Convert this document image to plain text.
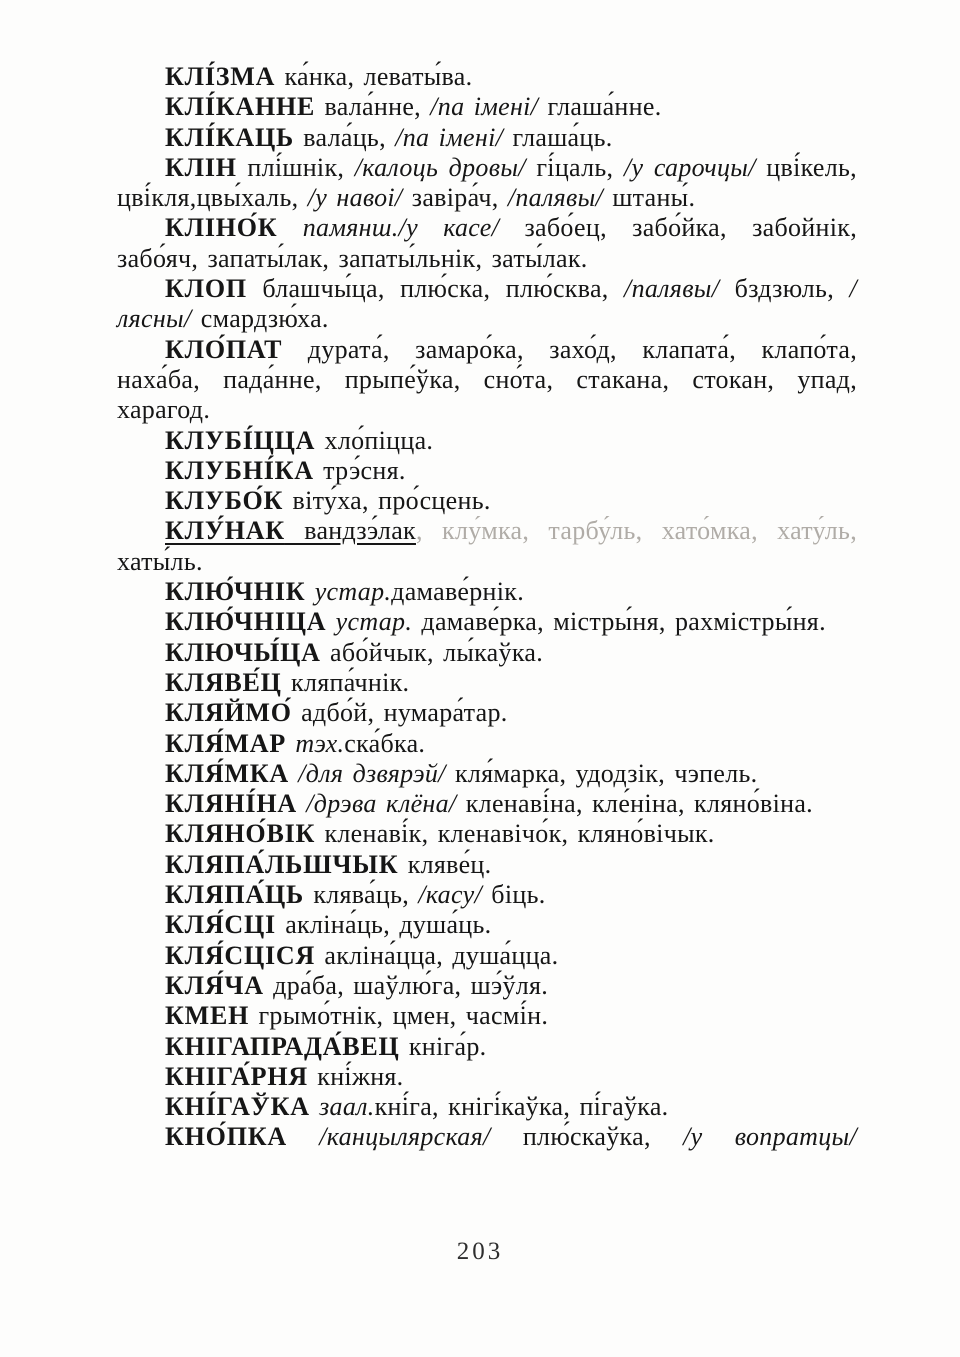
КЛІ́ЗМА ка́нка, леваты́ва.

КЛІ́КАННЕ вала́нне, /па імені/ глаша́нне.

КЛІ́КАЦЬ вала́ць, /па імені/ глаша́ць.

КЛІН плі́шнік, /калоць дровы/ гі́цаль, /у сарочцы/ цві́кель, цві́кля,цвы́халь, /у навоі/ завіра́ч, /палявы/ штаны́.

КЛІНО́К памянш./у касе/ забо́ец, забо́йка, забойнік, забо́яч, запаты́лак, запаты́льнік, заты́лак.

КЛОП блашчы́ца, плю́ска, плю́сква, /палявы/ бздзюль, /лясны/ смардзю́ха.

КЛО́ПАТ дурата́, замаро́ка, захо́д, клапата́, клапо́та, наха́ба, пада́нне, прыпе́ўка, сно́та, стакана, стокан, упад, харагод.

КЛУБІ́ЦЦА хло́піцца.

КЛУБНІ́КА трэ́сня.

КЛУБО́К віту́ха, про́сцень.

КЛУ́НАК вандзэ́лак, клу́мка, тарбу́ль, хато́мка, хату́ль, хаты́ль.

КЛЮ́ЧНІК устар.дамаве́рнік.

КЛЮ́ЧНІЦА устар. дамаве́рка, містры́ня, рахмістры́ня.

КЛЮЧЫ́ЦА або́йчык, лы́каўка.

КЛЯВЕ́Ц кляпа́чнік.

КЛЯЙМО́ адбо́й, нумара́тар.

КЛЯ́МАР тэх.ска́бка.

КЛЯ́МКА /для дзвярэй/ кля́марка, удодзік, чэпель.

КЛЯНІ́НА /дрэва клёна/ кленаві́на, кле́ніна, кляно́віна.

КЛЯНО́ВІК кленаві́к, кленавічо́к, кляно́вічык.

КЛЯПА́ЛЬШЧЫК кляве́ц.

КЛЯПА́ЦЬ клява́ць, /касу/ біць.

КЛЯ́СЦІ акліна́ць, душа́ць.

КЛЯ́СЦІСЯ акліна́цца, душа́цца.

КЛЯ́ЧА дра́ба, шаўлю́га, шэ́ўля.

КМЕН грымо́тнік, цмен, часмі́н.

КНІГАПРАДА́ВЕЦ кніга́р.

КНІГА́РНЯ кні́жня.

КНІ́ГАЎКА заал.кні́га, кнігі́каўка, пі́гаўка.

КНО́ПКА /канцылярская/ плю́скаўка, /у вопратцы/

203
